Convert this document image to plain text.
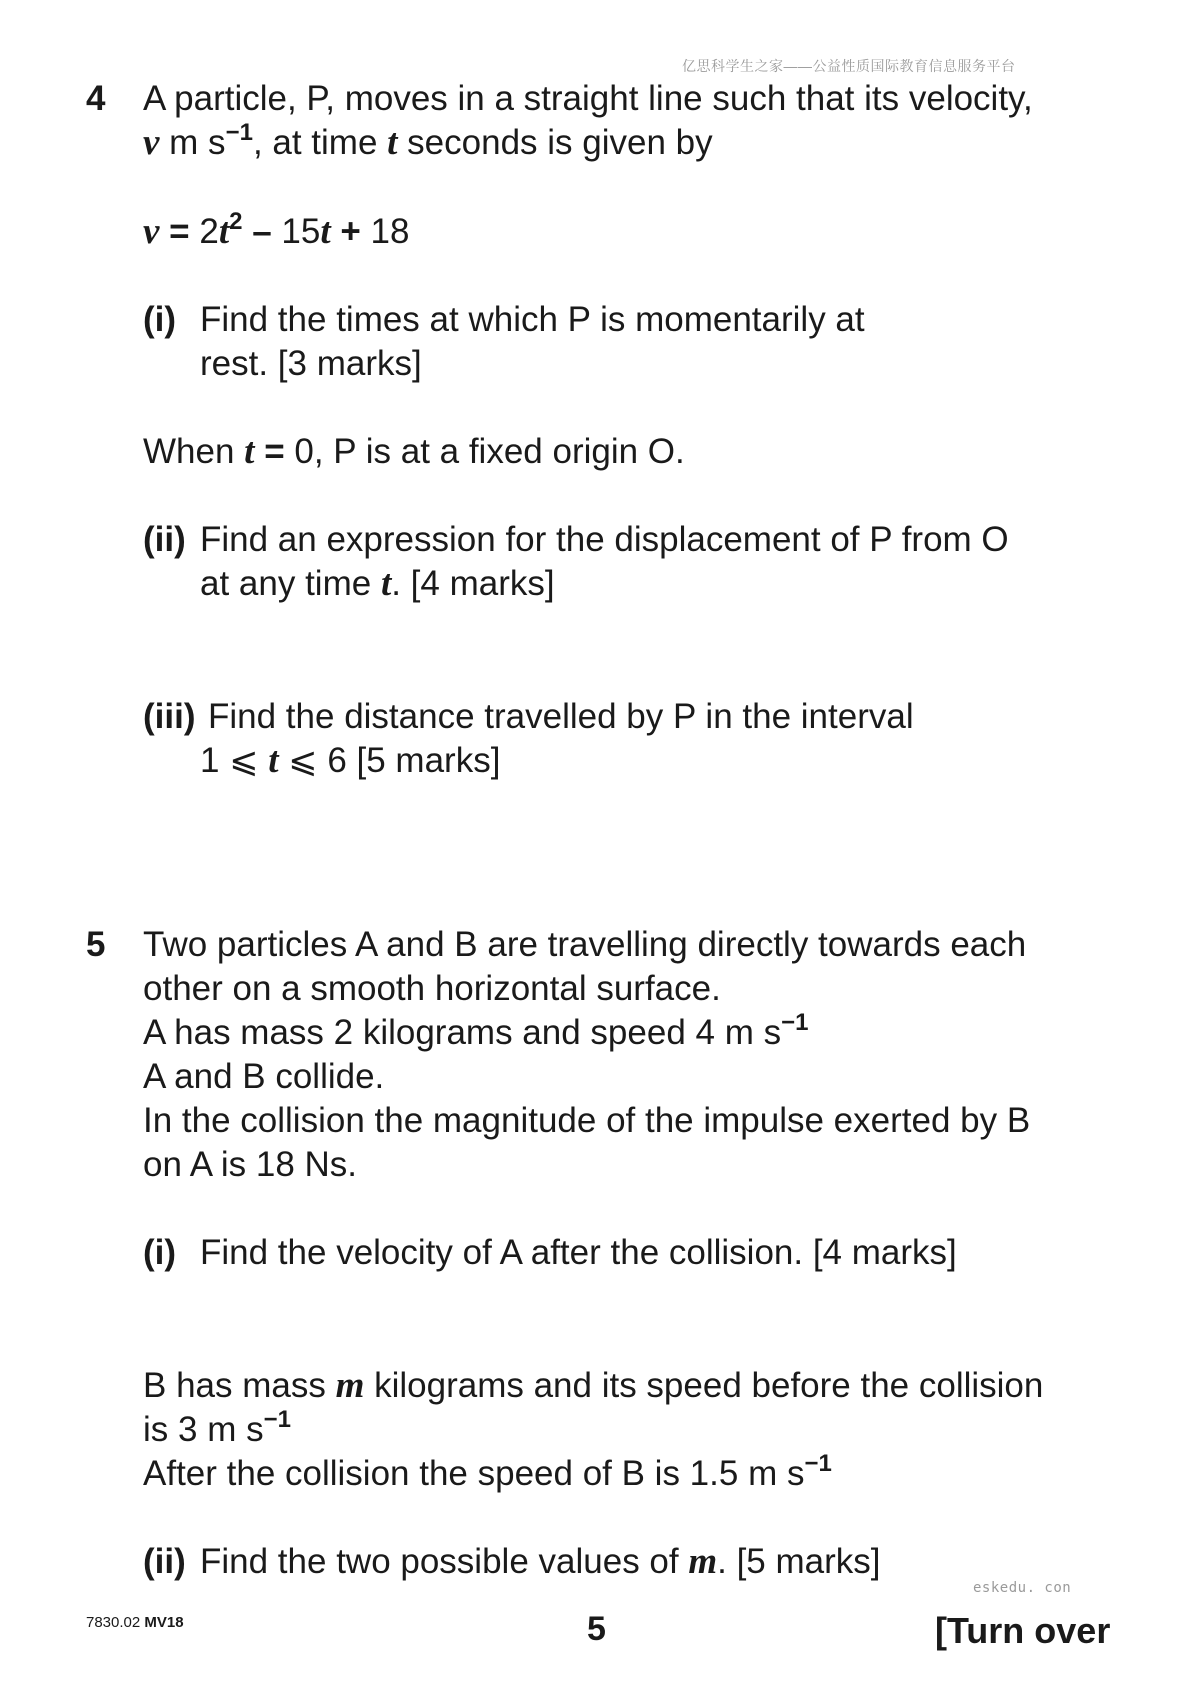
亿思科学生之家——公益性质国际教育信息服务平台
4 A particle, P, moves in a straight line such that its velocity,
v m $s^{-1}$, at time t seconds is given by
$v = 2t^2 - 15t + 18$
(i) Find the times at which P is momentarily at
rest. [3 marks]
When t = 0, P is at a fixed origin O.
(ii) Find an expression for the displacement of P from O
at any time t. [4 marks]
(iii) Find the distance travelled by P in the interval
1 ⩽ t ⩽ 6 [5 marks]
5 Two particles A and B are travelling directly towards each
other on a smooth horizontal surface.
A has mass 2 kilograms and speed 4 m $s^{-1}$
A and B collide.
In the collision the magnitude of the impulse exerted by B
on A is 18 Ns.
(i) Find the velocity of A after the collision. [4 marks]
B has mass m kilograms and its speed before the collision
is 3 m $s^{-1}$
After the collision the speed of B is 1.5 m $s^{-1}$
(ii) Find the two possible values of m. [5 marks]
eskedu. con
7830.02 MV18	5	[Turn over
